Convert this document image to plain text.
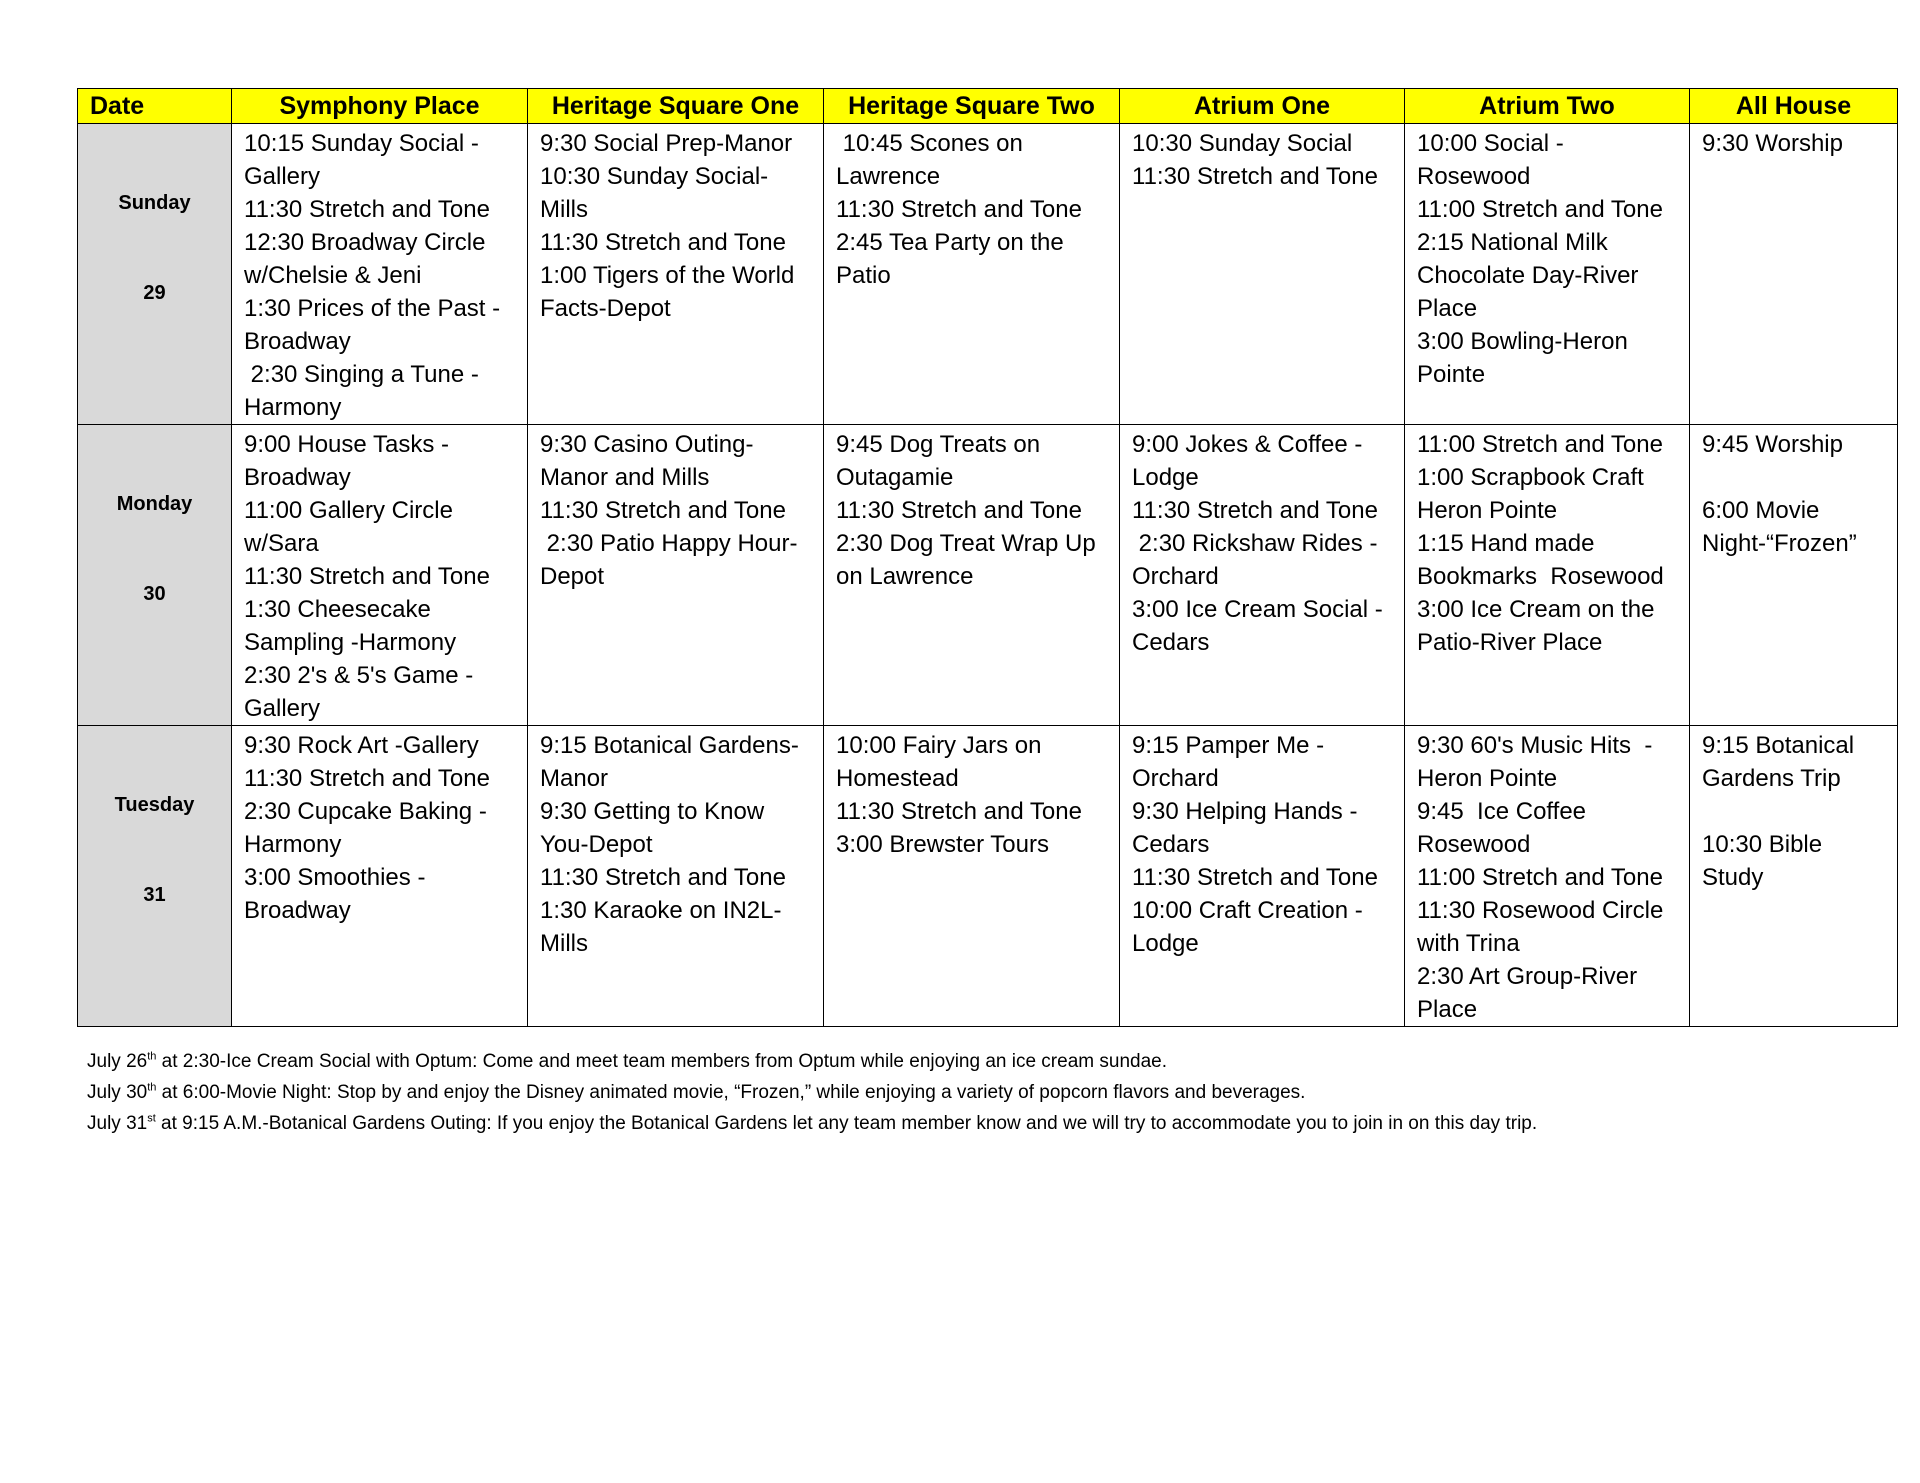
Date	Symphony Place	Heritage Square One	Heritage Square Two	Atrium One	Atrium Two	All House

Sunday

29	10:15 Sunday Social - Gallery
11:30 Stretch and Tone
12:30 Broadway Circle w/Chelsie & Jeni
1:30 Prices of the Past - Broadway
2:30 Singing a Tune - Harmony	9:30 Social Prep-Manor
10:30 Sunday Social-Mills
11:30 Stretch and Tone
1:00 Tigers of the World Facts-Depot	10:45 Scones on Lawrence
11:30 Stretch and Tone
2:45 Tea Party on the Patio	10:30 Sunday Social
11:30 Stretch and Tone	10:00 Social - Rosewood
11:00 Stretch and Tone
2:15 National Milk Chocolate Day-River Place
3:00 Bowling-Heron Pointe	9:30 Worship

Monday

30	9:00 House Tasks - Broadway
11:00 Gallery Circle w/Sara
11:30 Stretch and Tone
1:30 Cheesecake Sampling -Harmony
2:30 2's & 5's Game - Gallery	9:30 Casino Outing-Manor and Mills
11:30 Stretch and Tone
2:30 Patio Happy Hour-Depot	9:45 Dog Treats on Outagamie
11:30 Stretch and Tone
2:30 Dog Treat Wrap Up on Lawrence	9:00 Jokes & Coffee - Lodge
11:30 Stretch and Tone
2:30 Rickshaw Rides - Orchard
3:00 Ice Cream Social - Cedars	11:00 Stretch and Tone
1:00 Scrapbook Craft Heron Pointe
1:15 Hand made Bookmarks  Rosewood
3:00 Ice Cream on the Patio-River Place	9:45 Worship

6:00 Movie Night-“Frozen”

Tuesday

31	9:30 Rock Art -Gallery
11:30 Stretch and Tone
2:30 Cupcake Baking - Harmony
3:00 Smoothies - Broadway	9:15 Botanical Gardens-Manor
9:30 Getting to Know You-Depot
11:30 Stretch and Tone
1:30 Karaoke on IN2L-Mills	10:00 Fairy Jars on Homestead
11:30 Stretch and Tone
3:00 Brewster Tours	9:15 Pamper Me - Orchard
9:30 Helping Hands - Cedars
11:30 Stretch and Tone
10:00 Craft Creation - Lodge	9:30 60's Music Hits  - Heron Pointe
9:45  Ice Coffee Rosewood
11:00 Stretch and Tone
11:30 Rosewood Circle with Trina
2:30 Art Group-River Place	9:15 Botanical Gardens Trip

10:30 Bible Study
July 26th at 2:30-Ice Cream Social with Optum: Come and meet team members from Optum while enjoying an ice cream sundae.
July 30th at 6:00-Movie Night: Stop by and enjoy the Disney animated movie, “Frozen,” while enjoying a variety of popcorn flavors and beverages.
July 31st at 9:15 A.M.-Botanical Gardens Outing: If you enjoy the Botanical Gardens let any team member know and we will try to accommodate you to join in on this day trip.
